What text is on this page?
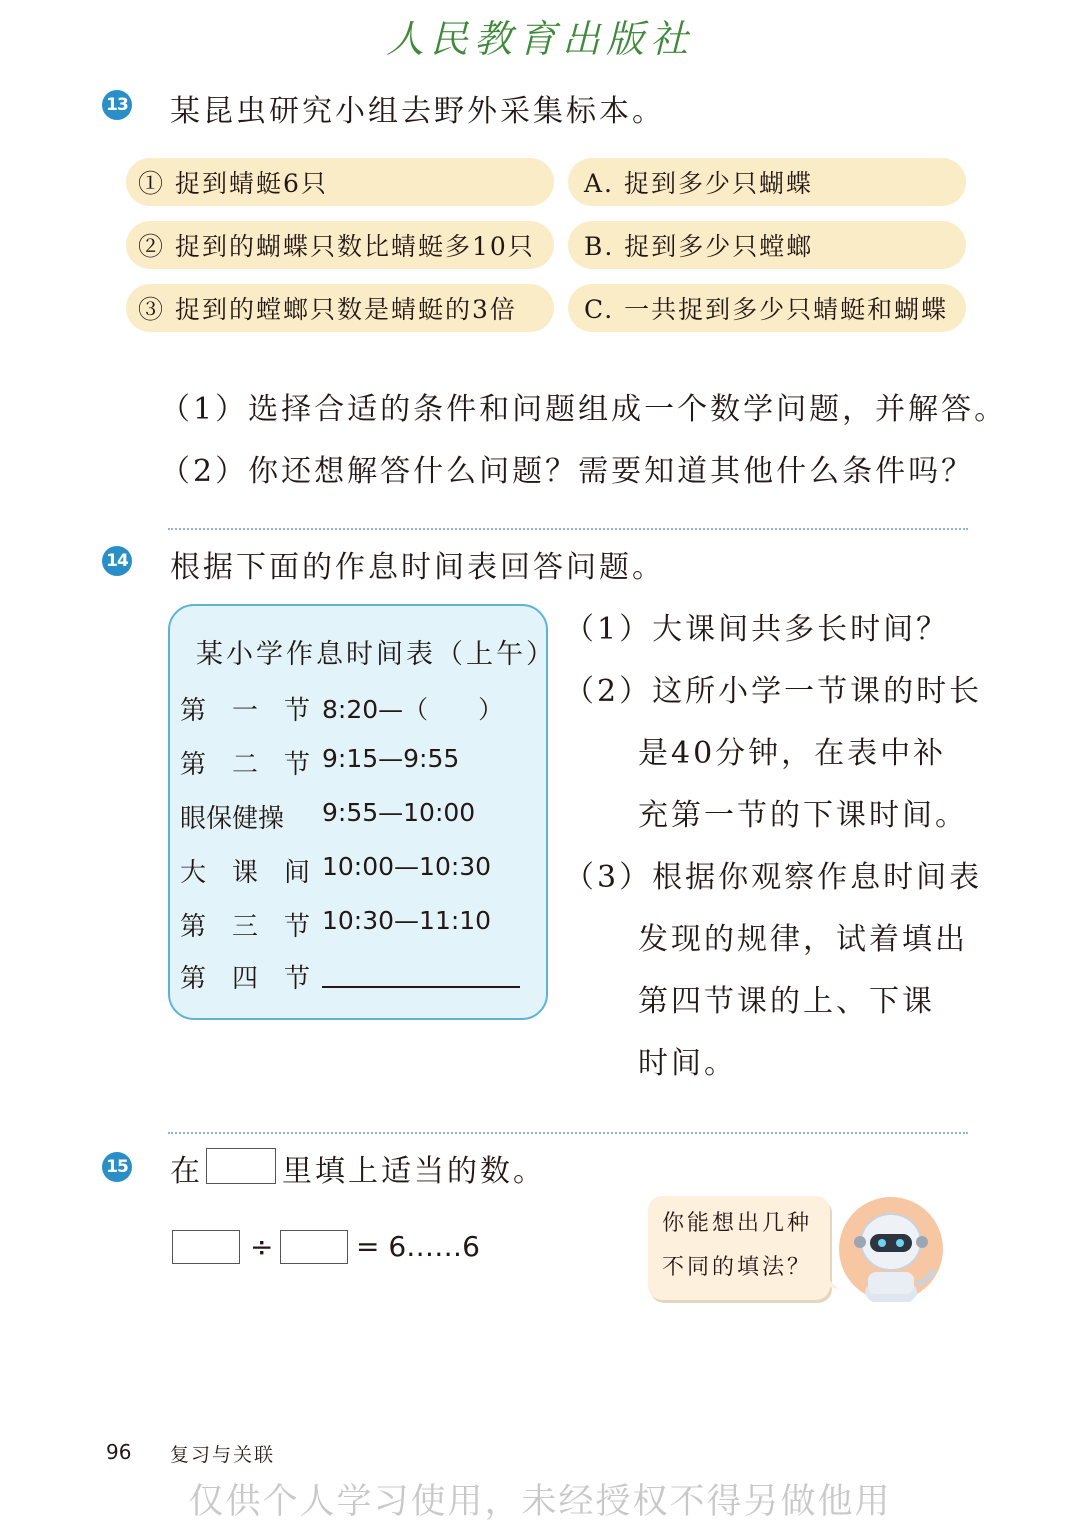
人民教育出版社
13 某昆虫研究小组去野外采集标本。
① 捉到蜻蜓6只
② 捉到的蝴蝶只数比蜻蜓多10只
③ 捉到的螳螂只数是蜻蜓的3倍
A. 捉到多少只蝴蝶
B. 捉到多少只螳螂
C. 一共捉到多少只蜻蜓和蝴蝶
（1）选择合适的条件和问题组成一个数学问题，并解答。
（2）你还想解答什么问题？需要知道其他什么条件吗？
14 根据下面的作息时间表回答问题。
某小学作息时间表（上午）
第　一　节 8:20—（　　）
第　二　节 9:15—9:55
眼保健操 9:55—10:00
大　课　间 10:00—10:30
第　三　节 10:30—11:10
第　四　节
（1）大课间共多长时间？
（2）这所小学一节课的时长
是40分钟，在表中补
充第一节的下课时间。
（3）根据你观察作息时间表
发现的规律，试着填出
第四节课的上、下课
时间。
15 在	里填上适当的数。
÷	= 6……6
你能想出几种
不同的填法？
96 复习与关联
仅供个人学习使用，未经授权不得另做他用
